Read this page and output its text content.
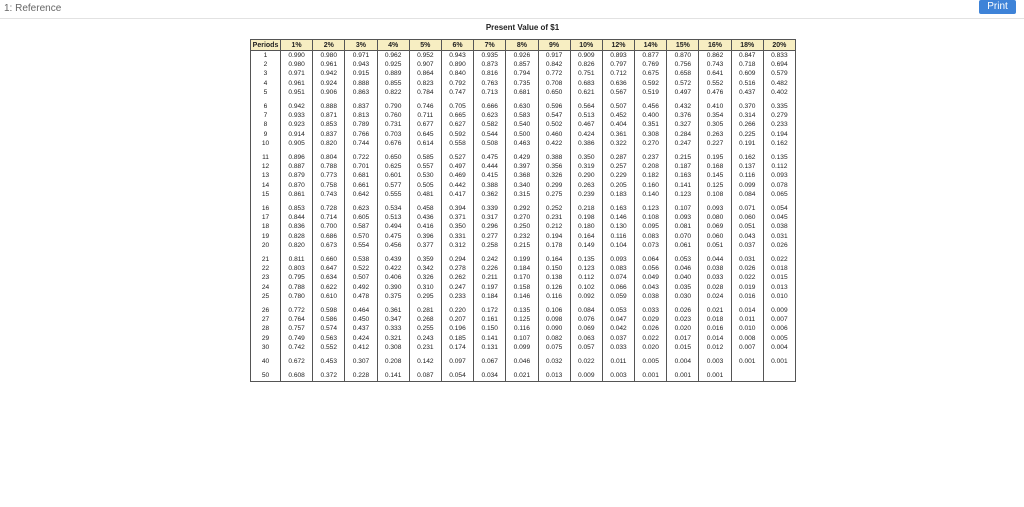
1: Reference	Print
Present Value of $1
Periods	1%	2%	3%	4%	5%	6%	7%	8%	9%	10%	12%	14%	15%	16%	18%	20%
1	0.990	0.980	0.971	0.962	0.952	0.943	0.935	0.926	0.917	0.909	0.893	0.877	0.870	0.862	0.847	0.833
2	0.980	0.961	0.943	0.925	0.907	0.890	0.873	0.857	0.842	0.826	0.797	0.769	0.756	0.743	0.718	0.694
3	0.971	0.942	0.915	0.889	0.864	0.840	0.816	0.794	0.772	0.751	0.712	0.675	0.658	0.641	0.609	0.579
4	0.961	0.924	0.888	0.855	0.823	0.792	0.763	0.735	0.708	0.683	0.636	0.592	0.572	0.552	0.516	0.482
5	0.951	0.906	0.863	0.822	0.784	0.747	0.713	0.681	0.650	0.621	0.567	0.519	0.497	0.476	0.437	0.402

6	0.942	0.888	0.837	0.790	0.746	0.705	0.666	0.630	0.596	0.564	0.507	0.456	0.432	0.410	0.370	0.335
7	0.933	0.871	0.813	0.760	0.711	0.665	0.623	0.583	0.547	0.513	0.452	0.400	0.376	0.354	0.314	0.279
8	0.923	0.853	0.789	0.731	0.677	0.627	0.582	0.540	0.502	0.467	0.404	0.351	0.327	0.305	0.266	0.233
9	0.914	0.837	0.766	0.703	0.645	0.592	0.544	0.500	0.460	0.424	0.361	0.308	0.284	0.263	0.225	0.194
10	0.905	0.820	0.744	0.676	0.614	0.558	0.508	0.463	0.422	0.386	0.322	0.270	0.247	0.227	0.191	0.162

11	0.896	0.804	0.722	0.650	0.585	0.527	0.475	0.429	0.388	0.350	0.287	0.237	0.215	0.195	0.162	0.135
12	0.887	0.788	0.701	0.625	0.557	0.497	0.444	0.397	0.356	0.319	0.257	0.208	0.187	0.168	0.137	0.112
13	0.879	0.773	0.681	0.601	0.530	0.469	0.415	0.368	0.326	0.290	0.229	0.182	0.163	0.145	0.116	0.093
14	0.870	0.758	0.661	0.577	0.505	0.442	0.388	0.340	0.299	0.263	0.205	0.160	0.141	0.125	0.099	0.078
15	0.861	0.743	0.642	0.555	0.481	0.417	0.362	0.315	0.275	0.239	0.183	0.140	0.123	0.108	0.084	0.065

16	0.853	0.728	0.623	0.534	0.458	0.394	0.339	0.292	0.252	0.218	0.163	0.123	0.107	0.093	0.071	0.054
17	0.844	0.714	0.605	0.513	0.436	0.371	0.317	0.270	0.231	0.198	0.146	0.108	0.093	0.080	0.060	0.045
18	0.836	0.700	0.587	0.494	0.416	0.350	0.296	0.250	0.212	0.180	0.130	0.095	0.081	0.069	0.051	0.038
19	0.828	0.686	0.570	0.475	0.396	0.331	0.277	0.232	0.194	0.164	0.116	0.083	0.070	0.060	0.043	0.031
20	0.820	0.673	0.554	0.456	0.377	0.312	0.258	0.215	0.178	0.149	0.104	0.073	0.061	0.051	0.037	0.026

21	0.811	0.660	0.538	0.439	0.359	0.294	0.242	0.199	0.164	0.135	0.093	0.064	0.053	0.044	0.031	0.022
22	0.803	0.647	0.522	0.422	0.342	0.278	0.226	0.184	0.150	0.123	0.083	0.056	0.046	0.038	0.026	0.018
23	0.795	0.634	0.507	0.406	0.326	0.262	0.211	0.170	0.138	0.112	0.074	0.049	0.040	0.033	0.022	0.015
24	0.788	0.622	0.492	0.390	0.310	0.247	0.197	0.158	0.126	0.102	0.066	0.043	0.035	0.028	0.019	0.013
25	0.780	0.610	0.478	0.375	0.295	0.233	0.184	0.146	0.116	0.092	0.059	0.038	0.030	0.024	0.016	0.010

26	0.772	0.598	0.464	0.361	0.281	0.220	0.172	0.135	0.106	0.084	0.053	0.033	0.026	0.021	0.014	0.009
27	0.764	0.586	0.450	0.347	0.268	0.207	0.161	0.125	0.098	0.076	0.047	0.029	0.023	0.018	0.011	0.007
28	0.757	0.574	0.437	0.333	0.255	0.196	0.150	0.116	0.090	0.069	0.042	0.026	0.020	0.016	0.010	0.006
29	0.749	0.563	0.424	0.321	0.243	0.185	0.141	0.107	0.082	0.063	0.037	0.022	0.017	0.014	0.008	0.005
30	0.742	0.552	0.412	0.308	0.231	0.174	0.131	0.099	0.075	0.057	0.033	0.020	0.015	0.012	0.007	0.004

40	0.672	0.453	0.307	0.208	0.142	0.097	0.067	0.046	0.032	0.022	0.011	0.005	0.004	0.003	0.001	0.001

50	0.608	0.372	0.228	0.141	0.087	0.054	0.034	0.021	0.013	0.009	0.003	0.001	0.001	0.001		
